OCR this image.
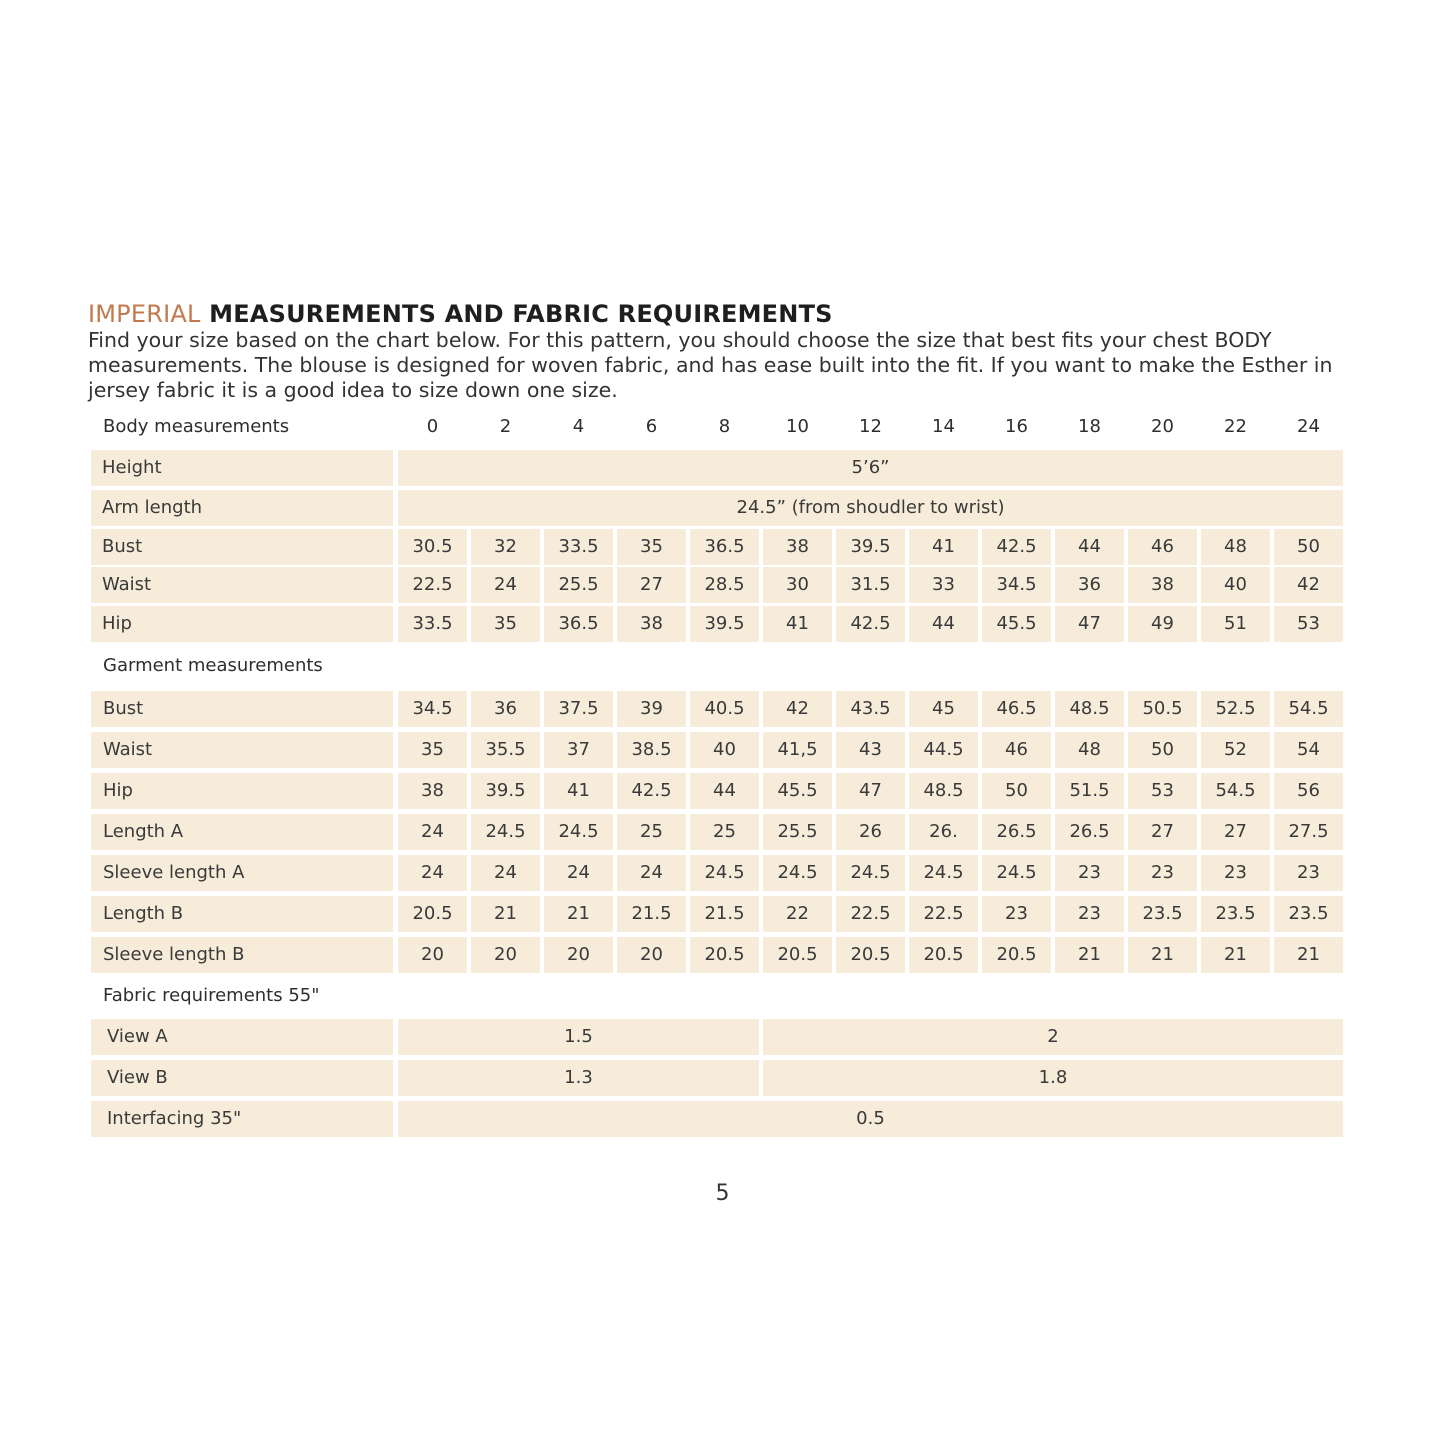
IMPERIAL MEASUREMENTS AND FABRIC REQUIREMENTS

Find your size based on the chart below. For this pattern, you should choose the size that best fits your chest BODY

measurements. The blouse is designed for woven fabric, and has ease built into the fit. If you want to make the Esther in

jersey fabric it is a good idea to size down one size.

Body measurements	0	2	4	6	8	10	12	14	16	18	20	22	24
Height	5’6”
Arm length	24.5” (from shoudler to wrist)
Bust	30.5	32	33.5	35	36.5	38	39.5	41	42.5	44	46	48	50
Waist	22.5	24	25.5	27	28.5	30	31.5	33	34.5	36	38	40	42
Hip	33.5	35	36.5	38	39.5	41	42.5	44	45.5	47	49	51	53
Garment measurements
Bust	34.5	36	37.5	39	40.5	42	43.5	45	46.5	48.5	50.5	52.5	54.5
Waist	35	35.5	37	38.5	40	41,5	43	44.5	46	48	50	52	54
Hip	38	39.5	41	42.5	44	45.5	47	48.5	50	51.5	53	54.5	56
Length A	24	24.5	24.5	25	25	25.5	26	26.	26.5	26.5	27	27	27.5
Sleeve length A	24	24	24	24	24.5	24.5	24.5	24.5	24.5	23	23	23	23
Length B	20.5	21	21	21.5	21.5	22	22.5	22.5	23	23	23.5	23.5	23.5
Sleeve length B	20	20	20	20	20.5	20.5	20.5	20.5	20.5	21	21	21	21
Fabric requirements 55"
View A	1.5	2
View B	1.3	1.8
Interfacing 35"	0.5
5
